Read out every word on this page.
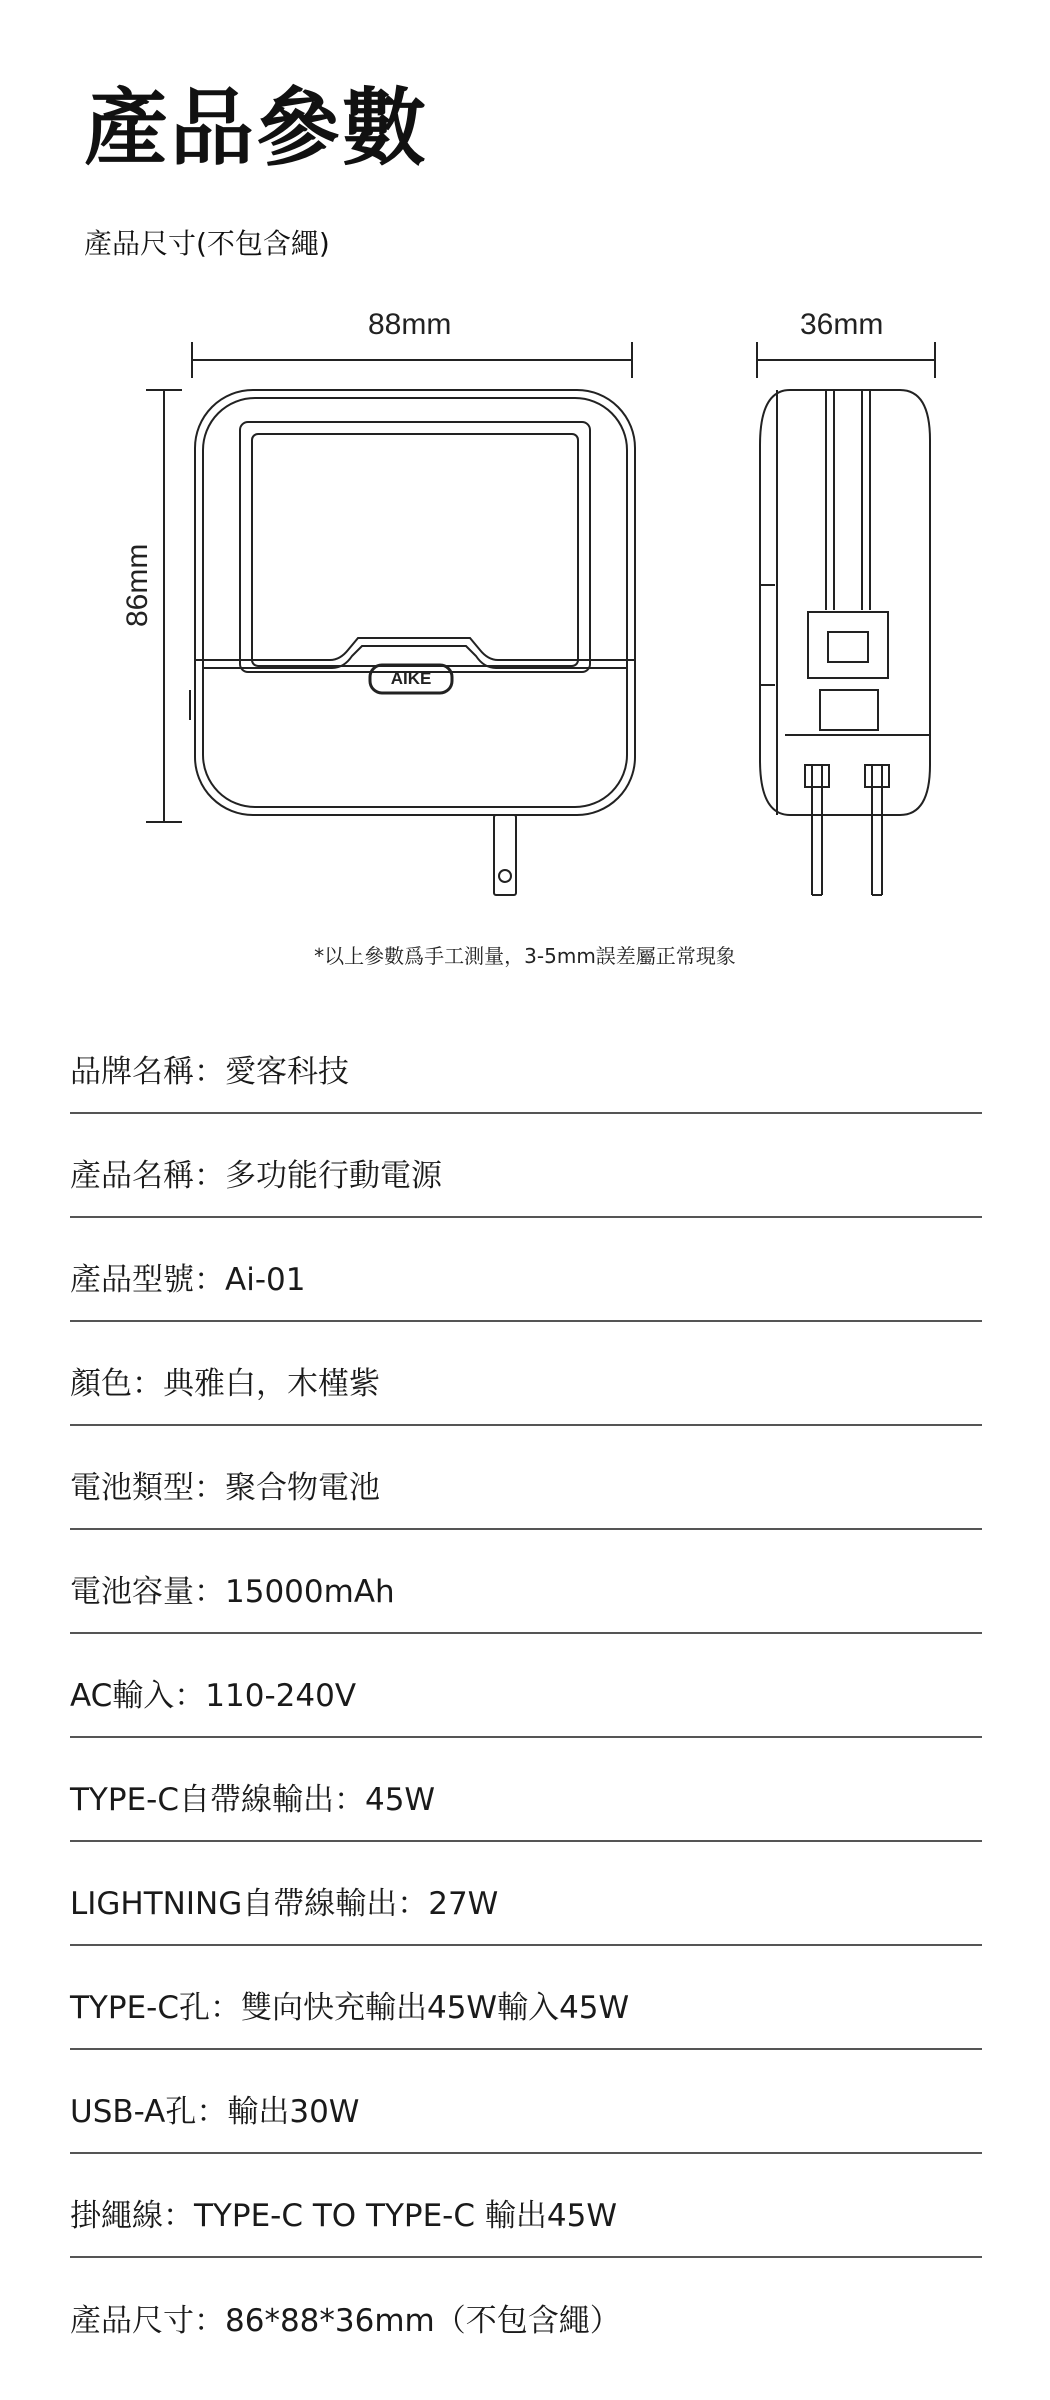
產品參數

產品尺寸(不包含繩)

88mm	36mm
86mm
AIKE
*以上參數爲手工測量，3-5mm誤差屬正常現象
品牌名稱：愛客科技
產品名稱：多功能行動電源
產品型號：Ai-01
顏色：典雅白，木槿紫
電池類型：聚合物電池
電池容量：15000mAh
AC輸入：110-240V
TYPE-C自帶線輸出：45W
LIGHTNING自帶線輸出：27W
TYPE-C孔：雙向快充輸出45W輸入45W
USB-A孔：輸出30W
掛繩線：TYPE-C TO TYPE-C 輸出45W
產品尺寸：86*88*36mm（不包含繩）
